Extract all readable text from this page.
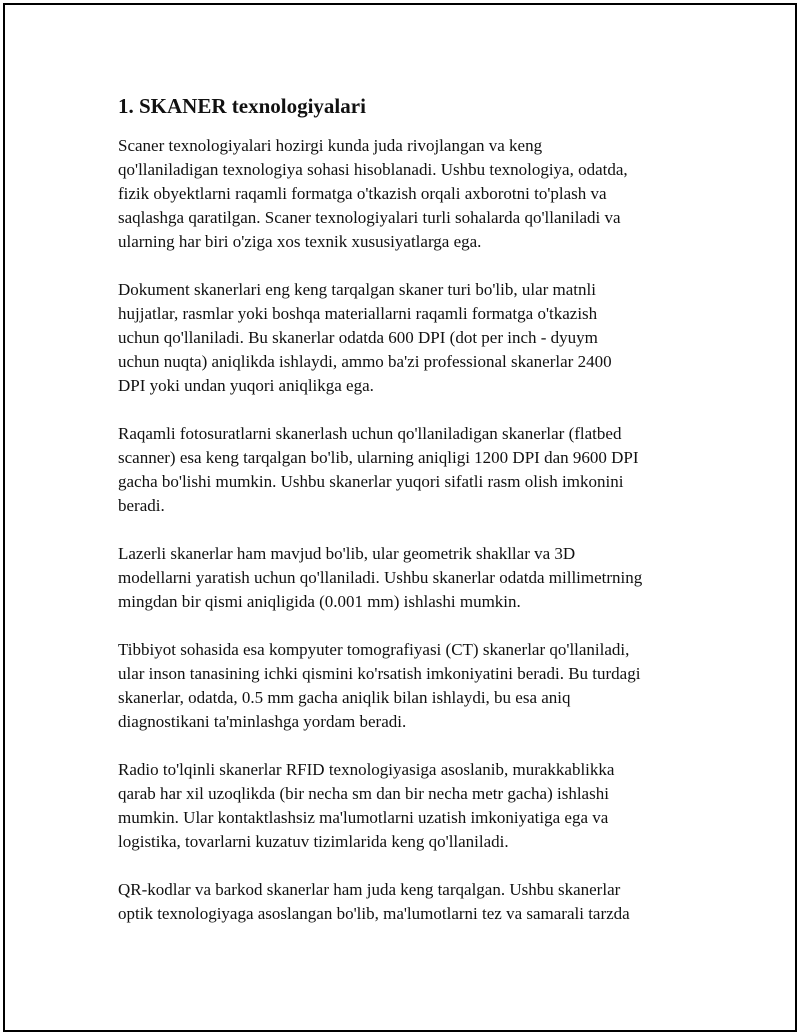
1. SKANER texnologiyalari

Scaner texnologiyalari hozirgi kunda juda rivojlangan va keng
qo'llaniladigan texnologiya sohasi hisoblanadi. Ushbu texnologiya, odatda,
fizik obyektlarni raqamli formatga o'tkazish orqali axborotni to'plash va
saqlashga qaratilgan. Scaner texnologiyalari turli sohalarda qo'llaniladi va
ularning har biri o'ziga xos texnik xususiyatlarga ega.

Dokument skanerlari eng keng tarqalgan skaner turi bo'lib, ular matnli
hujjatlar, rasmlar yoki boshqa materiallarni raqamli formatga o'tkazish
uchun qo'llaniladi. Bu skanerlar odatda 600 DPI (dot per inch - dyuym
uchun nuqta) aniqlikda ishlaydi, ammo ba'zi professional skanerlar 2400
DPI yoki undan yuqori aniqlikga ega.

Raqamli fotosuratlarni skanerlash uchun qo'llaniladigan skanerlar (flatbed
scanner) esa keng tarqalgan bo'lib, ularning aniqligi 1200 DPI dan 9600 DPI
gacha bo'lishi mumkin. Ushbu skanerlar yuqori sifatli rasm olish imkonini
beradi.

Lazerli skanerlar ham mavjud bo'lib, ular geometrik shakllar va 3D
modellarni yaratish uchun qo'llaniladi. Ushbu skanerlar odatda millimetrning
mingdan bir qismi aniqligida (0.001 mm) ishlashi mumkin.

Tibbiyot sohasida esa kompyuter tomografiyasi (CT) skanerlar qo'llaniladi,
ular inson tanasining ichki qismini ko'rsatish imkoniyatini beradi. Bu turdagi
skanerlar, odatda, 0.5 mm gacha aniqlik bilan ishlaydi, bu esa aniq
diagnostikani ta'minlashga yordam beradi.

Radio to'lqinli skanerlar RFID texnologiyasiga asoslanib, murakkablikka
qarab har xil uzoqlikda (bir necha sm dan bir necha metr gacha) ishlashi
mumkin. Ular kontaktlashsiz ma'lumotlarni uzatish imkoniyatiga ega va
logistika, tovarlarni kuzatuv tizimlarida keng qo'llaniladi.

QR-kodlar va barkod skanerlar ham juda keng tarqalgan. Ushbu skanerlar
optik texnologiyaga asoslangan bo'lib, ma'lumotlarni tez va samarali tarzda
